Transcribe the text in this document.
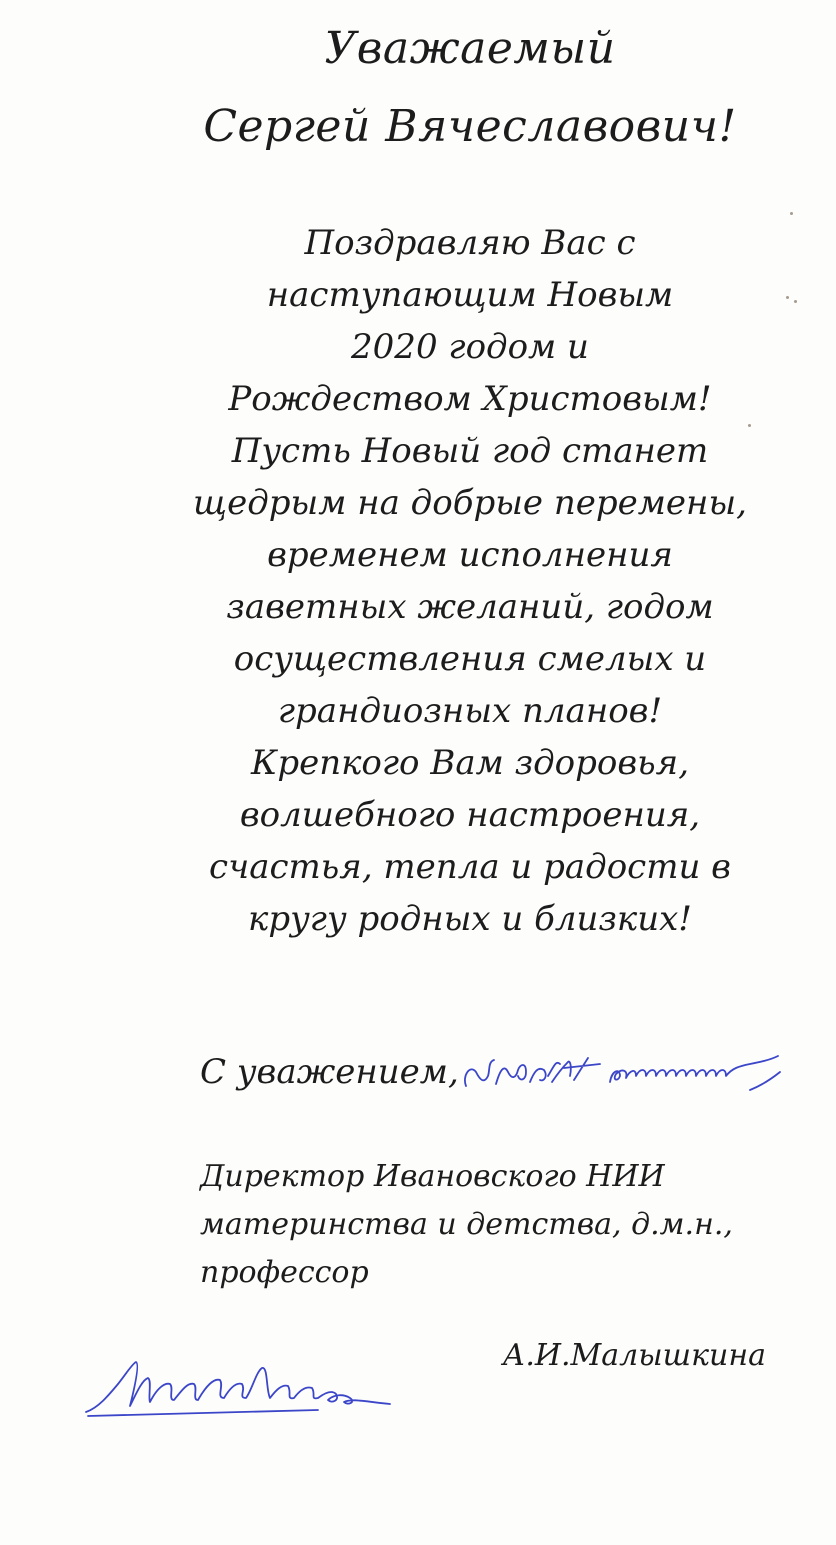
Уважаемый
Сергей Вячеславович!
Поздравляю Вас с
наступающим Новым
2020 годом и
Рождеством Христовым!
Пусть Новый год станет
щедрым на добрые перемены,
временем исполнения
заветных желаний, годом
осуществления смелых и
грандиозных планов!
Крепкого Вам здоровья,
волшебного настроения,
счастья, тепла и радости в
кругу родных и близких!
С уважением,
Директор Ивановского НИИ
материнства и детства, д.м.н.,
профессор
А.И.Малышкина
